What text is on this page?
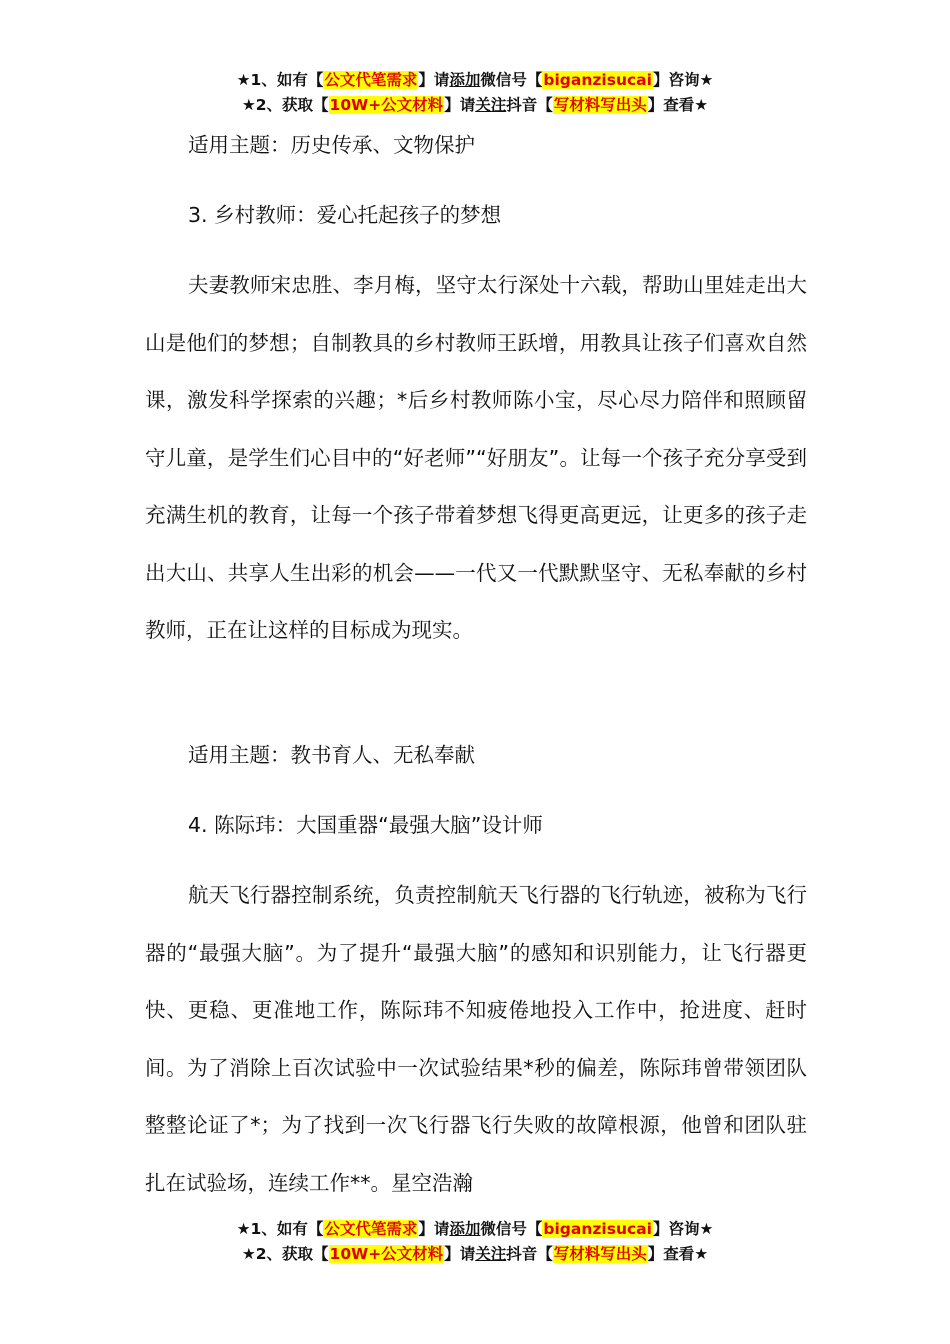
★1、如有【公文代笔需求】请添加微信号【biganzisucai】咨询★
★2、获取【10W+公文材料】请关注抖音【写材料写出头】查看★

适用主题：历史传承、文物保护

3. 乡村教师：爱心托起孩子的梦想

夫妻教师宋忠胜、李月梅，坚守太行深处十六载，帮助山里娃走出大山是他们的梦想；自制教具的乡村教师王跃增，用教具让孩子们喜欢自然课，激发科学探索的兴趣；*后乡村教师陈小宝，尽心尽力陪伴和照顾留守儿童，是学生们心目中的“好老师”“好朋友”。让每一个孩子充分享受到充满生机的教育，让每一个孩子带着梦想飞得更高更远，让更多的孩子走出大山、共享人生出彩的机会——一代又一代默默坚守、无私奉献的乡村教师，正在让这样的目标成为现实。

适用主题：教书育人、无私奉献

4. 陈际玮：大国重器“最强大脑”设计师

航天飞行器控制系统，负责控制航天飞行器的飞行轨迹，被称为飞行器的“最强大脑”。为了提升“最强大脑”的感知和识别能力，让飞行器更快、更稳、更准地工作，陈际玮不知疲倦地投入工作中，抢进度、赶时间。为了消除上百次试验中一次试验结果*秒的偏差，陈际玮曾带领团队整整论证了*；为了找到一次飞行器飞行失败的故障根源，他曾和团队驻扎在试验场，连续工作**。星空浩瀚

★1、如有【公文代笔需求】请添加微信号【biganzisucai】咨询★
★2、获取【10W+公文材料】请关注抖音【写材料写出头】查看★
